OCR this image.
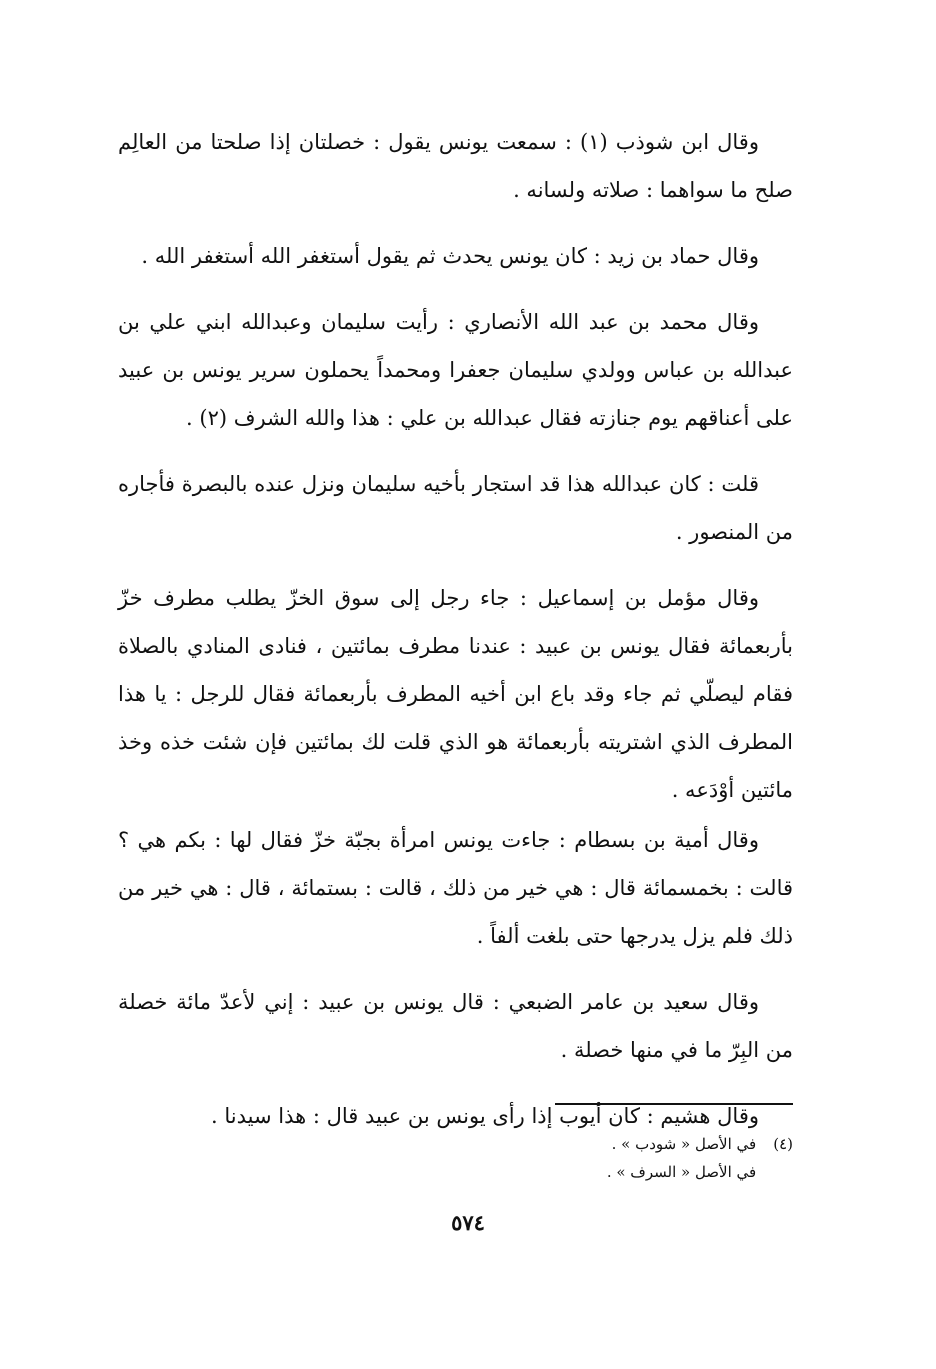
وقال ابن شوذب (١) : سمعت يونس يقول : خصلتان إذا صلحتا من العالِم صلح ما سواهما : صلاته ولسانه .

وقال حماد بن زيد : كان يونس يحدث ثم يقول أستغفر الله أستغفر الله .

وقال محمد بن عبد الله الأنصاري : رأيت سليمان وعبدالله ابني علي بن عبدالله بن عباس وولدي سليمان جعفرا ومحمداً يحملون سرير يونس بن عبيد على أعناقهم يوم جنازته فقال عبدالله بن علي : هذا والله الشرف (٢) .

قلت : كان عبدالله هذا قد استجار بأخيه سليمان ونزل عنده بالبصرة فأجاره من المنصور .

وقال مؤمل بن إسماعيل : جاء رجل إلى سوق الخزّ يطلب مطرف خزّ بأربعمائة فقال يونس بن عبيد : عندنا مطرف بمائتين ، فنادى المنادي بالصلاة فقام ليصلّي ثم جاء وقد باع ابن أخيه المطرف بأربعمائة فقال للرجل : يا هذا المطرف الذي اشتريته بأربعمائة هو الذي قلت لك بمائتين فإن شئت خذه وخذ مائتين أوْدَعه .

وقال أمية بن بسطام : جاءت يونس امرأة بجبّة خزّ فقال لها : بكم هي ؟ قالت : بخمسمائة قال : هي خير من ذلك ، قالت : بستمائة ، قال : هي خير من ذلك فلم يزل يدرجها حتى بلغت ألفاً .

وقال سعيد بن عامر الضبعي : قال يونس بن عبيد : إني لأعدّ مائة خصلة من البِرّ ما في منها خصلة .

وقال هشيم : كان أيوب إذا رأى يونس بن عبيد قال : هذا سيدنا .

(٤) في الأصل « شودب » .

في الأصل « السرف » .

٥٧٤
